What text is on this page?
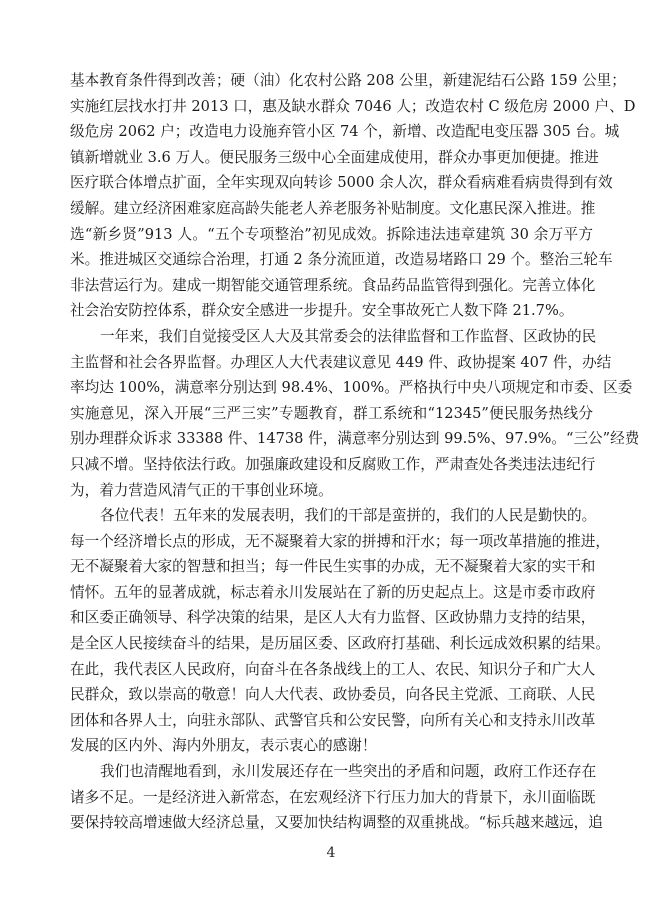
基本教育条件得到改善；硬（油）化农村公路 208 公里，新建泥结石公路 159 公里；
实施红层找水打井 2013 口，惠及缺水群众 7046 人；改造农村 C 级危房 2000 户、D
级危房 2062 户；改造电力设施弃管小区 74 个，新增、改造配电变压器 305 台。城
镇新增就业 3.6 万人。便民服务三级中心全面建成使用，群众办事更加便捷。推进
医疗联合体增点扩面，全年实现双向转诊 5000 余人次，群众看病难看病贵得到有效
缓解。建立经济困难家庭高龄失能老人养老服务补贴制度。文化惠民深入推进。推
选“新乡贤”913 人。“五个专项整治”初见成效。拆除违法违章建筑 30 余万平方
米。推进城区交通综合治理，打通 2 条分流匝道，改造易堵路口 29 个。整治三轮车
非法营运行为。建成一期智能交通管理系统。食品药品监管得到强化。完善立体化
社会治安防控体系，群众安全感进一步提升。安全事故死亡人数下降 21.7%。
一年来，我们自觉接受区人大及其常委会的法律监督和工作监督、区政协的民
主监督和社会各界监督。办理区人大代表建议意见 449 件、政协提案 407 件，办结
率均达 100%，满意率分别达到 98.4%、100%。严格执行中央八项规定和市委、区委
实施意见，深入开展“三严三实”专题教育，群工系统和“12345”便民服务热线分
别办理群众诉求 33388 件、14738 件，满意率分别达到 99.5%、97.9%。“三公”经费
只减不增。坚持依法行政。加强廉政建设和反腐败工作，严肃查处各类违法违纪行
为，着力营造风清气正的干事创业环境。
各位代表！五年来的发展表明，我们的干部是蛮拼的，我们的人民是勤快的。
每一个经济增长点的形成，无不凝聚着大家的拼搏和汗水；每一项改革措施的推进，
无不凝聚着大家的智慧和担当；每一件民生实事的办成，无不凝聚着大家的实干和
情怀。五年的显著成就，标志着永川发展站在了新的历史起点上。这是市委市政府
和区委正确领导、科学决策的结果，是区人大有力监督、区政协鼎力支持的结果，
是全区人民接续奋斗的结果，是历届区委、区政府打基础、利长远成效积累的结果。
在此，我代表区人民政府，向奋斗在各条战线上的工人、农民、知识分子和广大人
民群众，致以崇高的敬意！向人大代表、政协委员，向各民主党派、工商联、人民
团体和各界人士，向驻永部队、武警官兵和公安民警，向所有关心和支持永川改革
发展的区内外、海内外朋友，表示衷心的感谢！
我们也清醒地看到，永川发展还存在一些突出的矛盾和问题，政府工作还存在
诸多不足。一是经济进入新常态，在宏观经济下行压力加大的背景下，永川面临既
要保持较高增速做大经济总量，又要加快结构调整的双重挑战。“标兵越来越远，追
4
